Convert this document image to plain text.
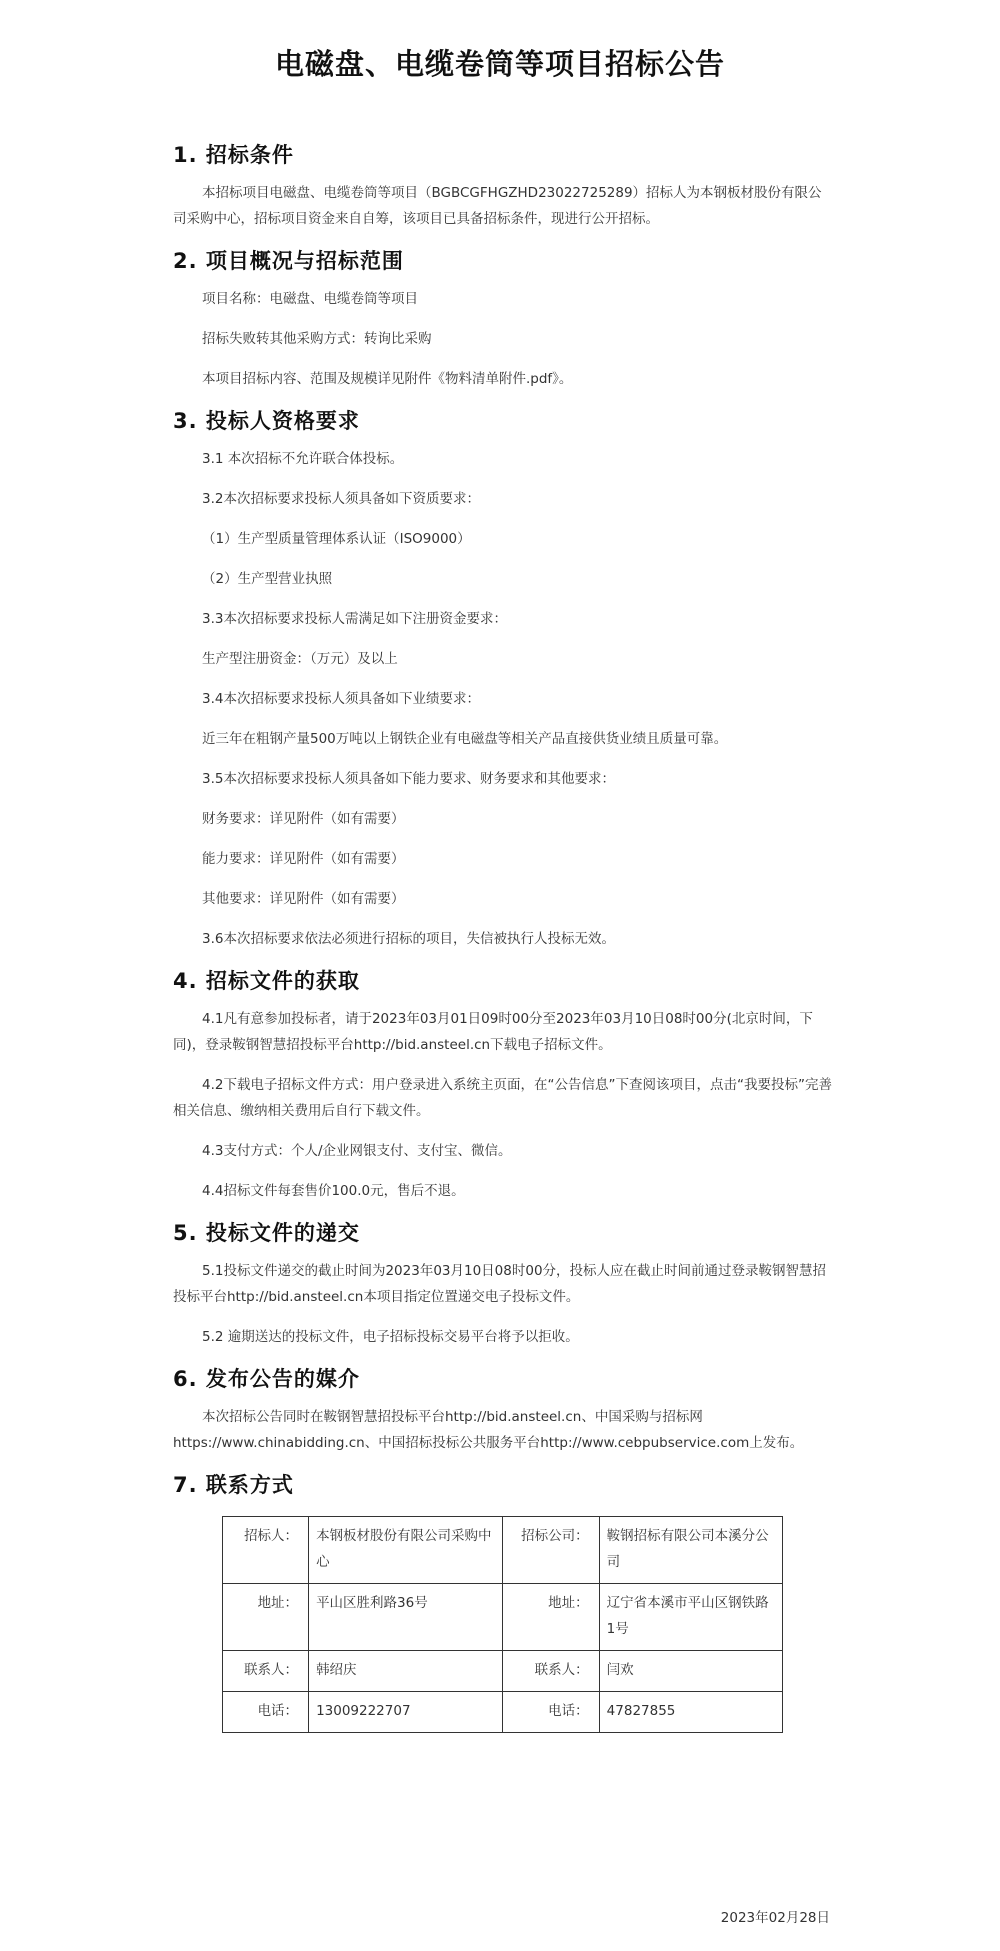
电磁盘、电缆卷筒等项目招标公告
1. 招标条件

本招标项目电磁盘、电缆卷筒等项目（BGBCGFHGZHD23022725289）招标人为本钢板材股份有限公司采购中心，招标项目资金来自自筹，该项目已具备招标条件，现进行公开招标。

2. 项目概况与招标范围

项目名称：电磁盘、电缆卷筒等项目

招标失败转其他采购方式：转询比采购

本项目招标内容、范围及规模详见附件《物料清单附件.pdf》。

3. 投标人资格要求

3.1 本次招标不允许联合体投标。

3.2本次招标要求投标人须具备如下资质要求：

（1）生产型质量管理体系认证（ISO9000）

（2）生产型营业执照

3.3本次招标要求投标人需满足如下注册资金要求：

生产型注册资金：（万元）及以上

3.4本次招标要求投标人须具备如下业绩要求：

近三年在粗钢产量500万吨以上钢铁企业有电磁盘等相关产品直接供货业绩且质量可靠。

3.5本次招标要求投标人须具备如下能力要求、财务要求和其他要求：

财务要求：详见附件（如有需要）

能力要求：详见附件（如有需要）

其他要求：详见附件（如有需要）

3.6本次招标要求依法必须进行招标的项目，失信被执行人投标无效。

4. 招标文件的获取

4.1凡有意参加投标者，请于2023年03月01日09时00分至2023年03月10日08时00分(北京时间，下同)，登录鞍钢智慧招投标平台http://bid.ansteel.cn下载电子招标文件。

4.2下载电子招标文件方式：用户登录进入系统主页面，在“公告信息”下查阅该项目，点击“我要投标”完善相关信息、缴纳相关费用后自行下载文件。

4.3支付方式：个人/企业网银支付、支付宝、微信。

4.4招标文件每套售价100.0元，售后不退。

5. 投标文件的递交

5.1投标文件递交的截止时间为2023年03月10日08时00分，投标人应在截止时间前通过登录鞍钢智慧招投标平台http://bid.ansteel.cn本项目指定位置递交电子投标文件。

5.2 逾期送达的投标文件，电子招标投标交易平台将予以拒收。

6. 发布公告的媒介

本次招标公告同时在鞍钢智慧招投标平台http://bid.ansteel.cn、中国采购与招标网https://www.chinabidding.cn、中国招标投标公共服务平台http://www.cebpubservice.com上发布。

7. 联系方式
招标人：	本钢板材股份有限公司采购中心	招标公司：	鞍钢招标有限公司本溪分公司
地址：	平山区胜利路36号	地址：	辽宁省本溪市平山区钢铁路1号
联系人：	韩绍庆	联系人：	闫欢
电话：	13009222707	电话：	47827855
2023年02月28日
